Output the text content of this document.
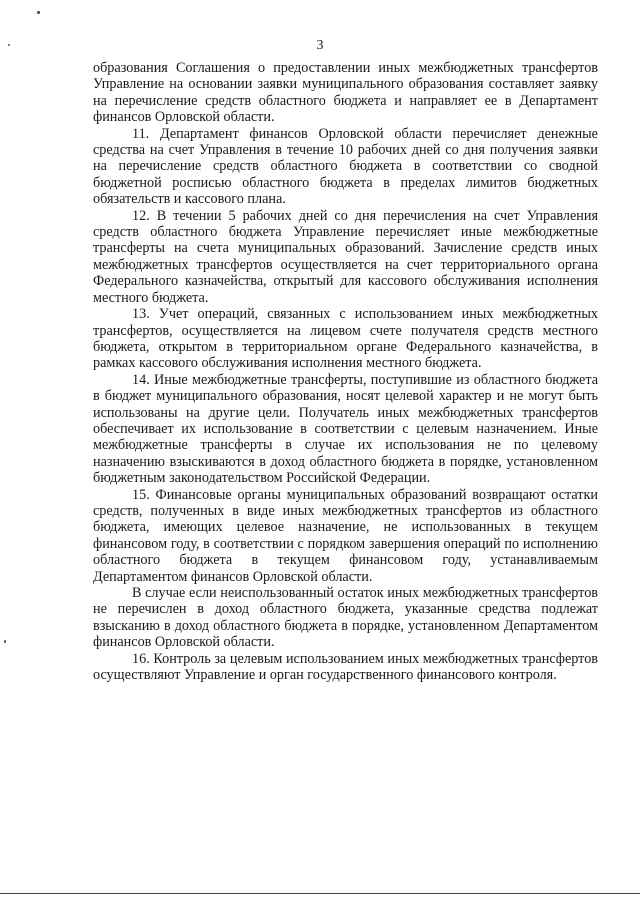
3

образования Соглашения о предоставлении иных межбюджетных трансфертов Управление на основании заявки муниципального образования составляет заявку на перечисление средств областного бюджета и направляет ее в Департамент финансов Орловской области.

11. Департамент финансов Орловской области перечисляет денежные средства на счет Управления в течение 10 рабочих дней со дня получения заявки на перечисление средств областного бюджета в соответствии со сводной бюджетной росписью областного бюджета в пределах лимитов бюджетных обязательств и кассового плана.

12. В течении 5 рабочих дней со дня перечисления на счет Управления средств областного бюджета Управление перечисляет иные межбюджетные трансферты на счета муниципальных образований. Зачисление средств иных межбюджетных трансфертов осуществляется на счет территориального органа Федерального казначейства, открытый для кассового обслуживания исполнения местного бюджета.

13. Учет операций, связанных с использованием иных межбюджетных трансфертов, осуществляется на лицевом счете получателя средств местного бюджета, открытом в территориальном органе Федерального казначейства, в рамках кассового обслуживания исполнения местного бюджета.

14. Иные межбюджетные трансферты, поступившие из областного бюджета в бюджет муниципального образования, носят целевой характер и не могут быть использованы на другие цели. Получатель иных межбюджетных трансфертов обеспечивает их использование в соответствии с целевым назначением. Иные межбюджетные трансферты в случае их использования не по целевому назначению взыскиваются в доход областного бюджета в порядке, установленном бюджетным законодательством Российской Федерации.

15. Финансовые органы муниципальных образований возвращают остатки средств, полученных в виде иных межбюджетных трансфертов из областного бюджета, имеющих целевое назначение, не использованных в текущем финансовом году, в соответствии с порядком завершения операций по исполнению областного бюджета в текущем финансовом году, устанавливаемым Департаментом финансов Орловской области.

В случае если неиспользованный остаток иных межбюджетных трансфертов не перечислен в доход областного бюджета, указанные средства подлежат взысканию в доход областного бюджета в порядке, установленном Департаментом финансов Орловской области.

16. Контроль за целевым использованием иных межбюджетных трансфертов осуществляют Управление и орган государственного финансового контроля.
